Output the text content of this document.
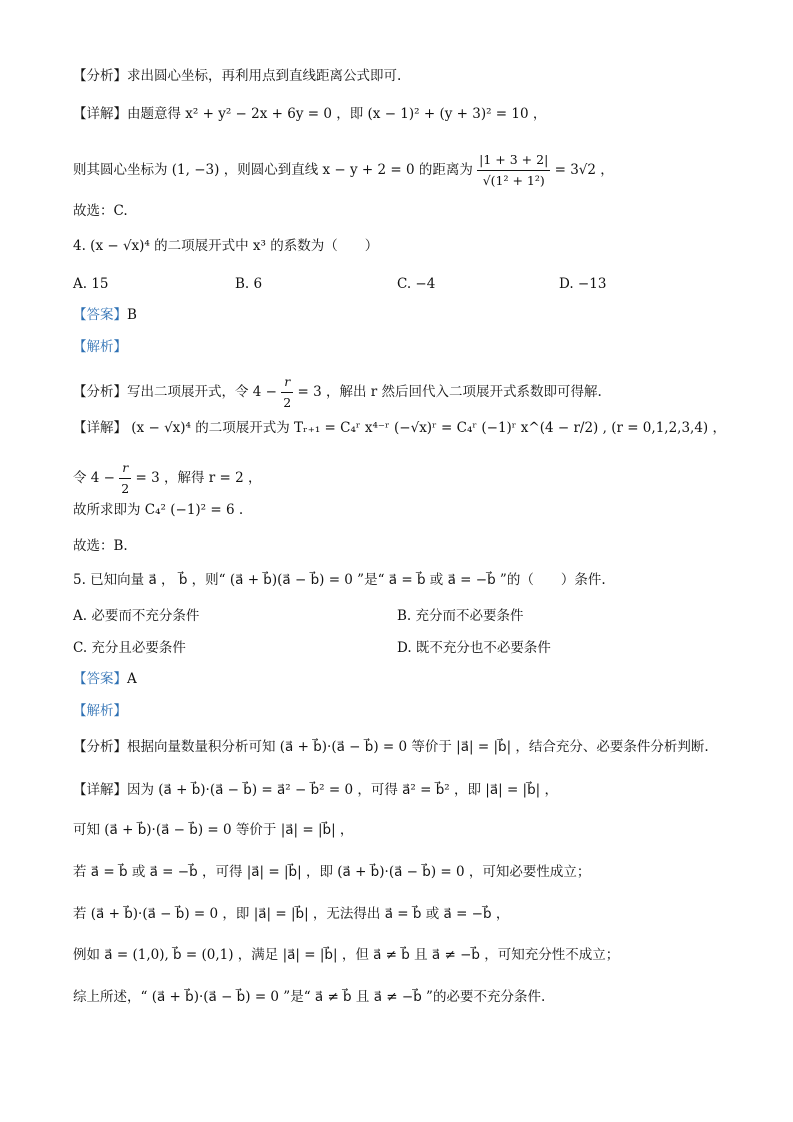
【分析】求出圆心坐标，再利用点到直线距离公式即可.
【详解】由题意得 x² + y² − 2x + 6y = 0 ，即 (x − 1)² + (y + 3)² = 10 ，
则其圆心坐标为 (1, −3) ，则圆心到直线 x − y + 2 = 0 的距离为 $\frac{|1 + 3 + 2|}{\text{√(1² + 1²)}} = 3√2$ ，
故选：C.
4. (x − √x)⁴ 的二项展开式中 x³ 的系数为（　　）
A. 15	B. 6	C. −4	D. −13
【答案】B
【解析】
【分析】写出二项展开式，令 $4 - \frac{r}{2} = 3$ ，解出 r 然后回代入二项展开式系数即可得解.
【详解】 (x − √x)⁴ 的二项展开式为 Tᵣ₊₁ = C₄ʳ x⁴⁻ʳ (−√x)ʳ = C₄ʳ (−1)ʳ x^(4 − r/2) , (r = 0,1,2,3,4) ，
令 $4 - \frac{r}{2} = 3$ ，解得 r = 2 ，
故所求即为 C₄² (−1)² = 6 .
故选：B.
5. 已知向量 a⃗ ， b⃗ ，则“ (a⃗ + b⃗)(a⃗ − b⃗) = 0 ”是“ a⃗ = b⃗ 或 a⃗ = −b⃗ ”的（　　）条件.
A. 必要而不充分条件	B. 充分而不必要条件
C. 充分且必要条件	D. 既不充分也不必要条件
【答案】A
【解析】
【分析】根据向量数量积分析可知 (a⃗ + b⃗)·(a⃗ − b⃗) = 0 等价于 |a⃗| = |b⃗| ，结合充分、必要条件分析判断.
【详解】因为 (a⃗ + b⃗)·(a⃗ − b⃗) = a⃗² − b⃗² = 0 ，可得 a⃗² = b⃗² ，即 |a⃗| = |b⃗| ，
可知 (a⃗ + b⃗)·(a⃗ − b⃗) = 0 等价于 |a⃗| = |b⃗| ，
若 a⃗ = b⃗ 或 a⃗ = −b⃗ ，可得 |a⃗| = |b⃗| ，即 (a⃗ + b⃗)·(a⃗ − b⃗) = 0 ，可知必要性成立；
若 (a⃗ + b⃗)·(a⃗ − b⃗) = 0 ，即 |a⃗| = |b⃗| ，无法得出 a⃗ = b⃗ 或 a⃗ = −b⃗ ，
例如 a⃗ = (1,0), b⃗ = (0,1) ，满足 |a⃗| = |b⃗| ，但 a⃗ ≠ b⃗ 且 a⃗ ≠ −b⃗ ，可知充分性不成立；
综上所述，“ (a⃗ + b⃗)·(a⃗ − b⃗) = 0 ”是“ a⃗ ≠ b⃗ 且 a⃗ ≠ −b⃗ ”的必要不充分条件.
